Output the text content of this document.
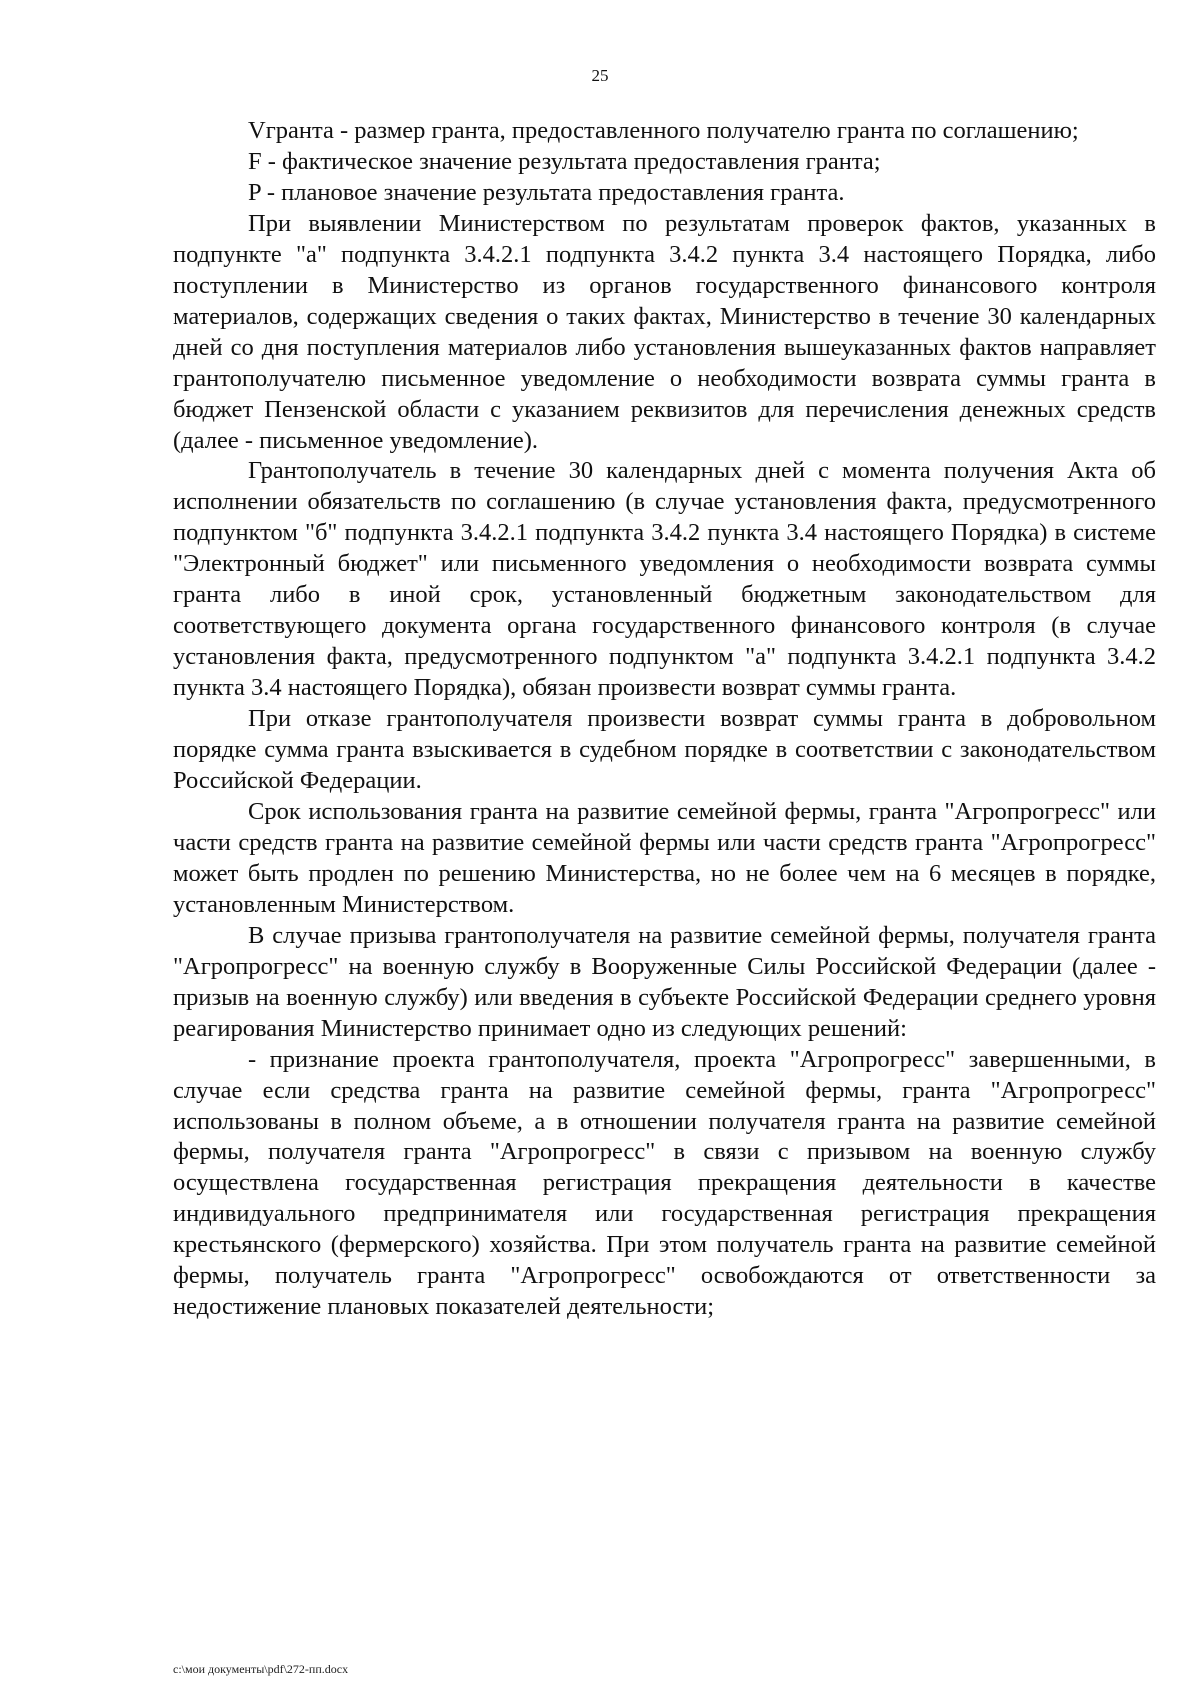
25

Vгранта - размер гранта, предоставленного получателю гранта по соглашению;

F - фактическое значение результата предоставления гранта;

P - плановое значение результата предоставления гранта.

При выявлении Министерством по результатам проверок фактов, указанных в подпункте "а" подпункта 3.4.2.1 подпункта 3.4.2 пункта 3.4 настоящего Порядка, либо поступлении в Министерство из органов государственного финансового контроля материалов, содержащих сведения о таких фактах, Министерство в течение 30 календарных дней со дня поступления материалов либо установления вышеуказанных фактов направляет грантополучателю письменное уведомление о необходимости возврата суммы гранта в бюджет Пензенской области с указанием реквизитов для перечисления денежных средств (далее - письменное уведомление).

Грантополучатель в течение 30 календарных дней с момента получения Акта об исполнении обязательств по соглашению (в случае установления факта, предусмотренного подпунктом "б" подпункта 3.4.2.1 подпункта 3.4.2 пункта 3.4 настоящего Порядка) в системе "Электронный бюджет" или письменного уведомления о необходимости возврата суммы гранта либо в иной срок, установленный бюджетным законодательством для соответствующего документа органа государственного финансового контроля (в случае установления факта, предусмотренного подпунктом "а" подпункта 3.4.2.1 подпункта 3.4.2 пункта 3.4 настоящего Порядка), обязан произвести возврат суммы гранта.

При отказе грантополучателя произвести возврат суммы гранта в добровольном порядке сумма гранта взыскивается в судебном порядке в соответствии с законодательством Российской Федерации.

Срок использования гранта на развитие семейной фермы, гранта "Агропрогресс" или части средств гранта на развитие семейной фермы или части средств гранта "Агропрогресс" может быть продлен по решению Министерства, но не более чем на 6 месяцев в порядке, установленным Министерством.

В случае призыва грантополучателя на развитие семейной фермы, получателя гранта "Агропрогресс" на военную службу в Вооруженные Силы Российской Федерации (далее - призыв на военную службу) или введения в субъекте Российской Федерации среднего уровня реагирования Министерство принимает одно из следующих решений:

- признание проекта грантополучателя, проекта "Агропрогресс" завершенными, в случае если средства гранта на развитие семейной фермы, гранта "Агропрогресс" использованы в полном объеме, а в отношении получателя гранта на развитие семейной фермы, получателя гранта "Агропрогресс" в связи с призывом на военную службу осуществлена государственная регистрация прекращения деятельности в качестве индивидуального предпринимателя или государственная регистрация прекращения крестьянского (фермерского) хозяйства. При этом получатель гранта на развитие семейной фермы, получатель гранта "Агропрогресс" освобождаются от ответственности за недостижение плановых показателей деятельности;

c:\мои документы\pdf\272-пп.docx
